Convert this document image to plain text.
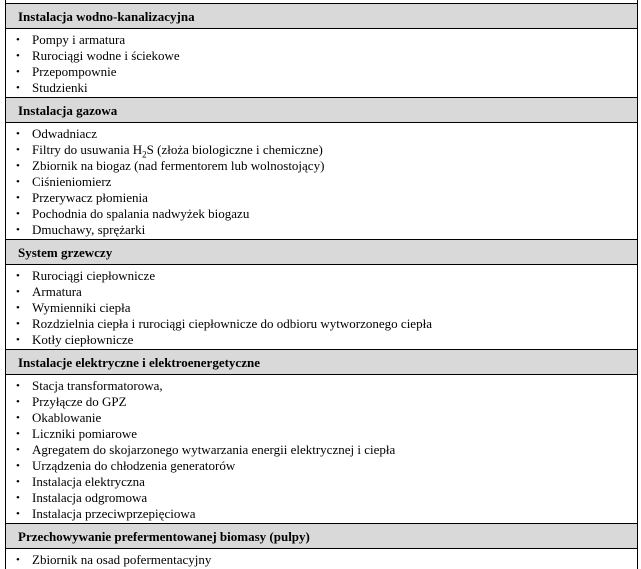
Instalacja wodno-kanalizacyjna
• Pompy i armatura
• Rurociągi wodne i ściekowe
• Przepompownie
• Studzienki
Instalacja gazowa
• Odwadniacz
• Filtry do usuwania $H_2S$ (złoża biologiczne i chemiczne)
• Zbiornik na biogaz (nad fermentorem lub wolnostojący)
• Ciśnieniomierz
• Przerywacz płomienia
• Pochodnia do spalania nadwyżek biogazu
• Dmuchawy, sprężarki
System grzewczy
• Rurociągi ciepłownicze
• Armatura
• Wymienniki ciepła
• Rozdzielnia ciepła i rurociągi ciepłownicze do odbioru wytworzonego ciepła
• Kotły ciepłownicze
Instalacje elektryczne i elektroenergetyczne
• Stacja transformatorowa,
• Przyłącze do GPZ
• Okablowanie
• Liczniki pomiarowe
• Agregatem do skojarzonego wytwarzania energii elektrycznej i ciepła
• Urządzenia do chłodzenia generatorów
• Instalacja elektryczna
• Instalacja odgromowa
• Instalacja przeciwprzepięciowa
Przechowywanie prefermentowanej biomasy (pulpy)
• Zbiornik na osad pofermentacyjny
